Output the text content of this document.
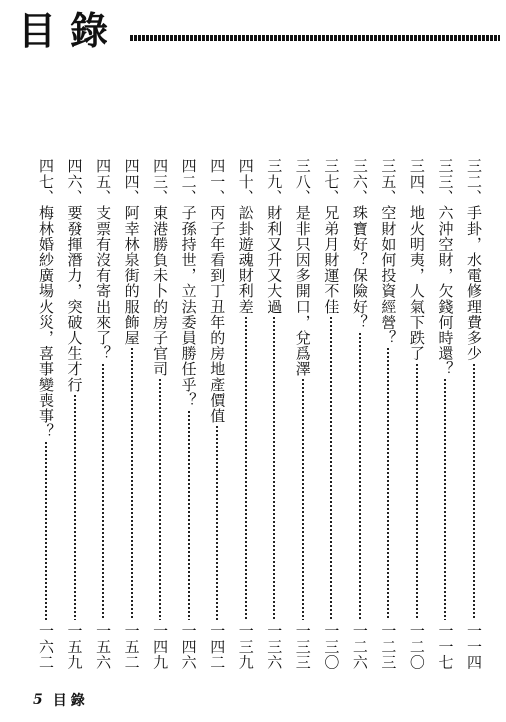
目錄
三二、
手卦，水電修理費多少
一一四
三三、
六沖空財，欠錢何時還？
一一七
三四、
地火明夷，人氣下跌了
一二〇
三五、
空財如何投資經營？
一二三
三六、
珠寶好？保險好？
一二六
三七、
兄弟月財運不佳
一三〇
三八、
是非只因多開口，兌爲澤
一三三
三九、
財利又升又大過
一三六
四十、
訟卦遊魂財利差
一三九
四一、
丙子年看到丁丑年的房地產價值
一四二
四二、
子孫持世，立法委員勝任乎？
一四六
四三、
東港勝負未卜的房子官司
一四九
四四、
阿幸林泉街的服飾屋
一五二
四五、
支票有沒有寄出來了？
一五六
四六、
要發揮潛力，突破人生才行
一五九
四七、
梅林婚紗廣場火災，喜事變喪事？
一六二
5 目錄
